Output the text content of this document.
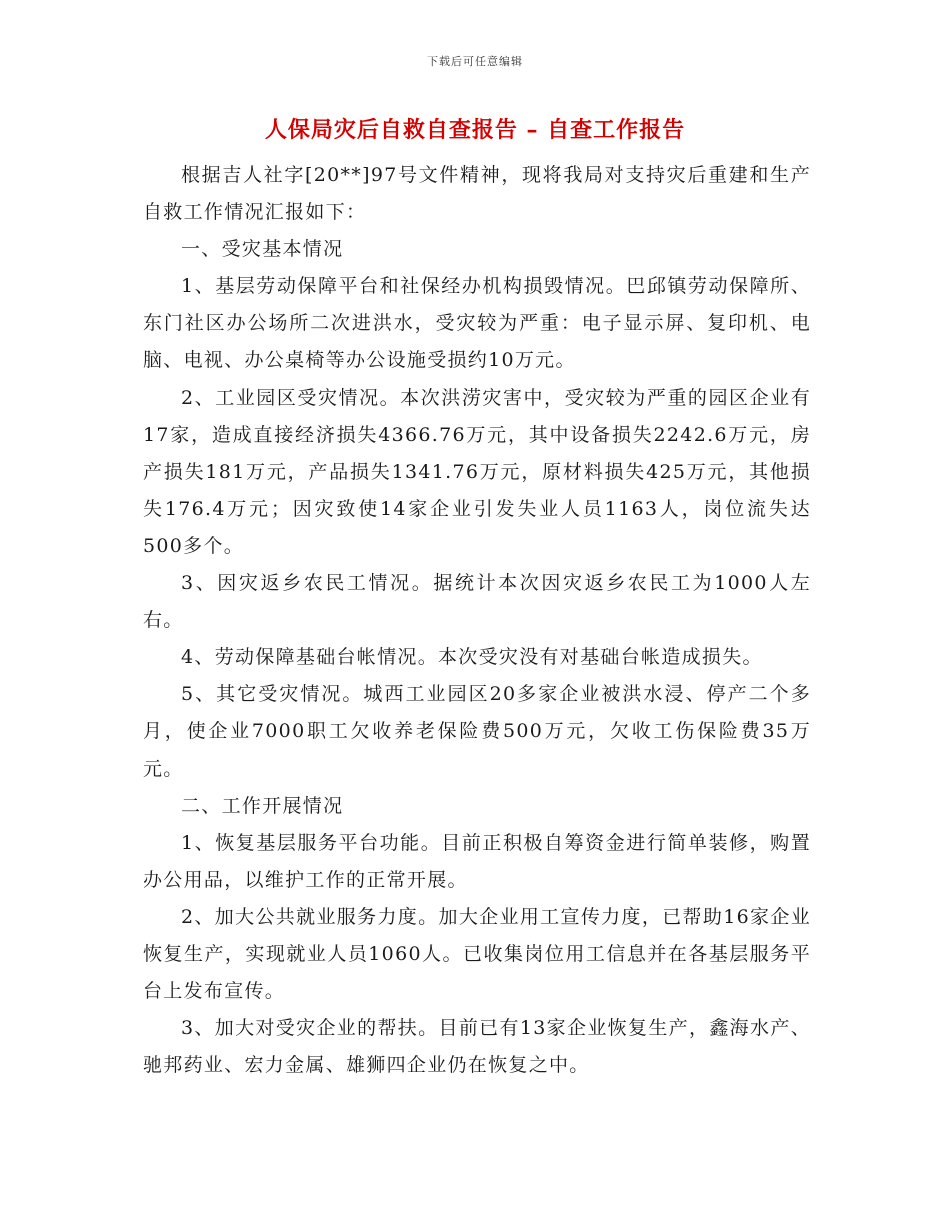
下载后可任意编辑
人保局灾后自救自查报告 – 自查工作报告

根据吉人社字[20**]97号文件精神，现将我局对支持灾后重建和生产自救工作情况汇报如下：

一、受灾基本情况

1、基层劳动保障平台和社保经办机构损毁情况。巴邱镇劳动保障所、东门社区办公场所二次进洪水，受灾较为严重：电子显示屏、复印机、电脑、电视、办公桌椅等办公设施受损约10万元。

2、工业园区受灾情况。本次洪涝灾害中，受灾较为严重的园区企业有17家，造成直接经济损失4366.76万元，其中设备损失2242.6万元，房产损失181万元，产品损失1341.76万元，原材料损失425万元，其他损失176.4万元；因灾致使14家企业引发失业人员1163人，岗位流失达500多个。

3、因灾返乡农民工情况。据统计本次因灾返乡农民工为1000人左右。

4、劳动保障基础台帐情况。本次受灾没有对基础台帐造成损失。

5、其它受灾情况。城西工业园区20多家企业被洪水浸、停产二个多月，使企业7000职工欠收养老保险费500万元，欠收工伤保险费35万元。

二、工作开展情况

1、恢复基层服务平台功能。目前正积极自筹资金进行简单装修，购置办公用品，以维护工作的正常开展。

2、加大公共就业服务力度。加大企业用工宣传力度，已帮助16家企业恢复生产，实现就业人员1060人。已收集岗位用工信息并在各基层服务平台上发布宣传。

3、加大对受灾企业的帮扶。目前已有13家企业恢复生产，鑫海水产、驰邦药业、宏力金属、雄狮四企业仍在恢复之中。
